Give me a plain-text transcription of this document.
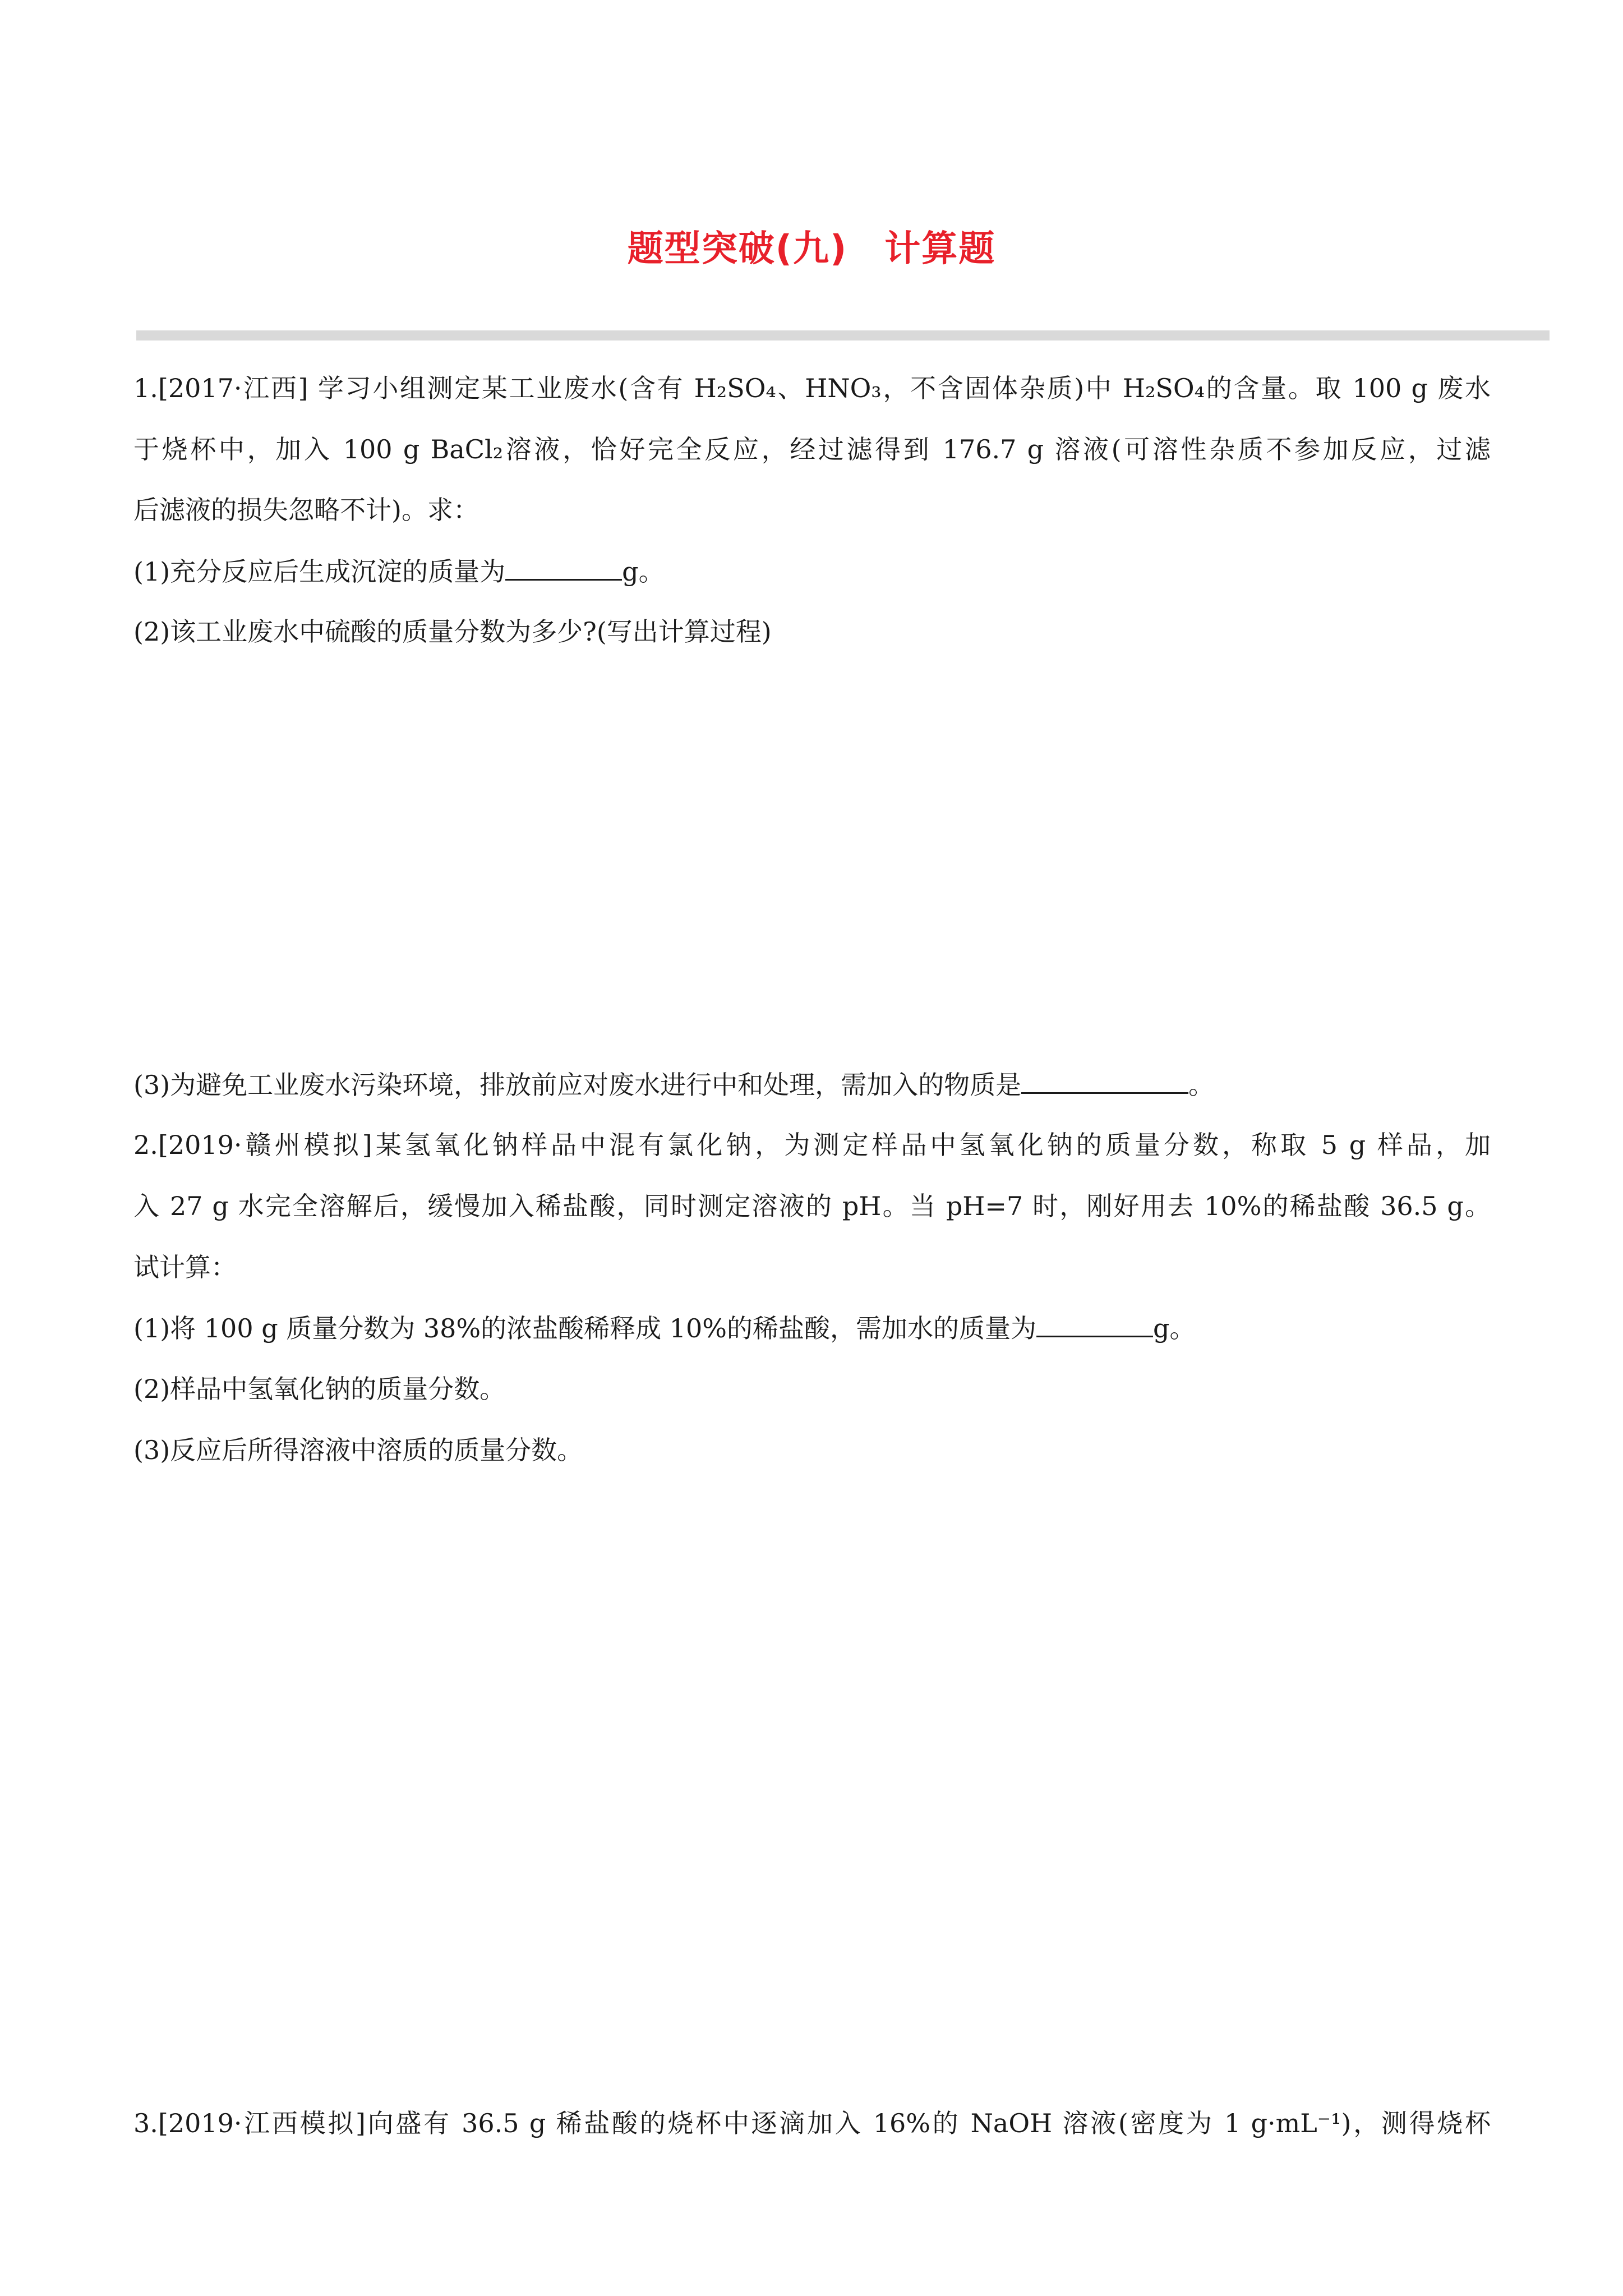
题型突破(九)　计算题
1.[2017·江西] 学习小组测定某工业废水(含有 H₂SO₄、HNO₃，不含固体杂质)中 H₂SO₄的含量。取 100 g 废水
于烧杯中，加入 100 g BaCl₂溶液，恰好完全反应，经过滤得到 176.7 g 溶液(可溶性杂质不参加反应，过滤
后滤液的损失忽略不计)。求：
(1)充分反应后生成沉淀的质量为	g。
(2)该工业废水中硫酸的质量分数为多少?(写出计算过程)
(3)为避免工业废水污染环境，排放前应对废水进行中和处理，需加入的物质是	。
2.[2019·赣州模拟]某氢氧化钠样品中混有氯化钠，为测定样品中氢氧化钠的质量分数，称取 5 g 样品，加
入 27 g 水完全溶解后，缓慢加入稀盐酸，同时测定溶液的 pH。当 pH=7 时，刚好用去 10%的稀盐酸 36.5 g。
试计算：
(1)将 100 g 质量分数为 38%的浓盐酸稀释成 10%的稀盐酸，需加水的质量为	g。
(2)样品中氢氧化钠的质量分数。
(3)反应后所得溶液中溶质的质量分数。
3.[2019·江西模拟]向盛有 36.5 g 稀盐酸的烧杯中逐滴加入 16%的 NaOH 溶液(密度为 1 g·mL⁻¹)，测得烧杯
